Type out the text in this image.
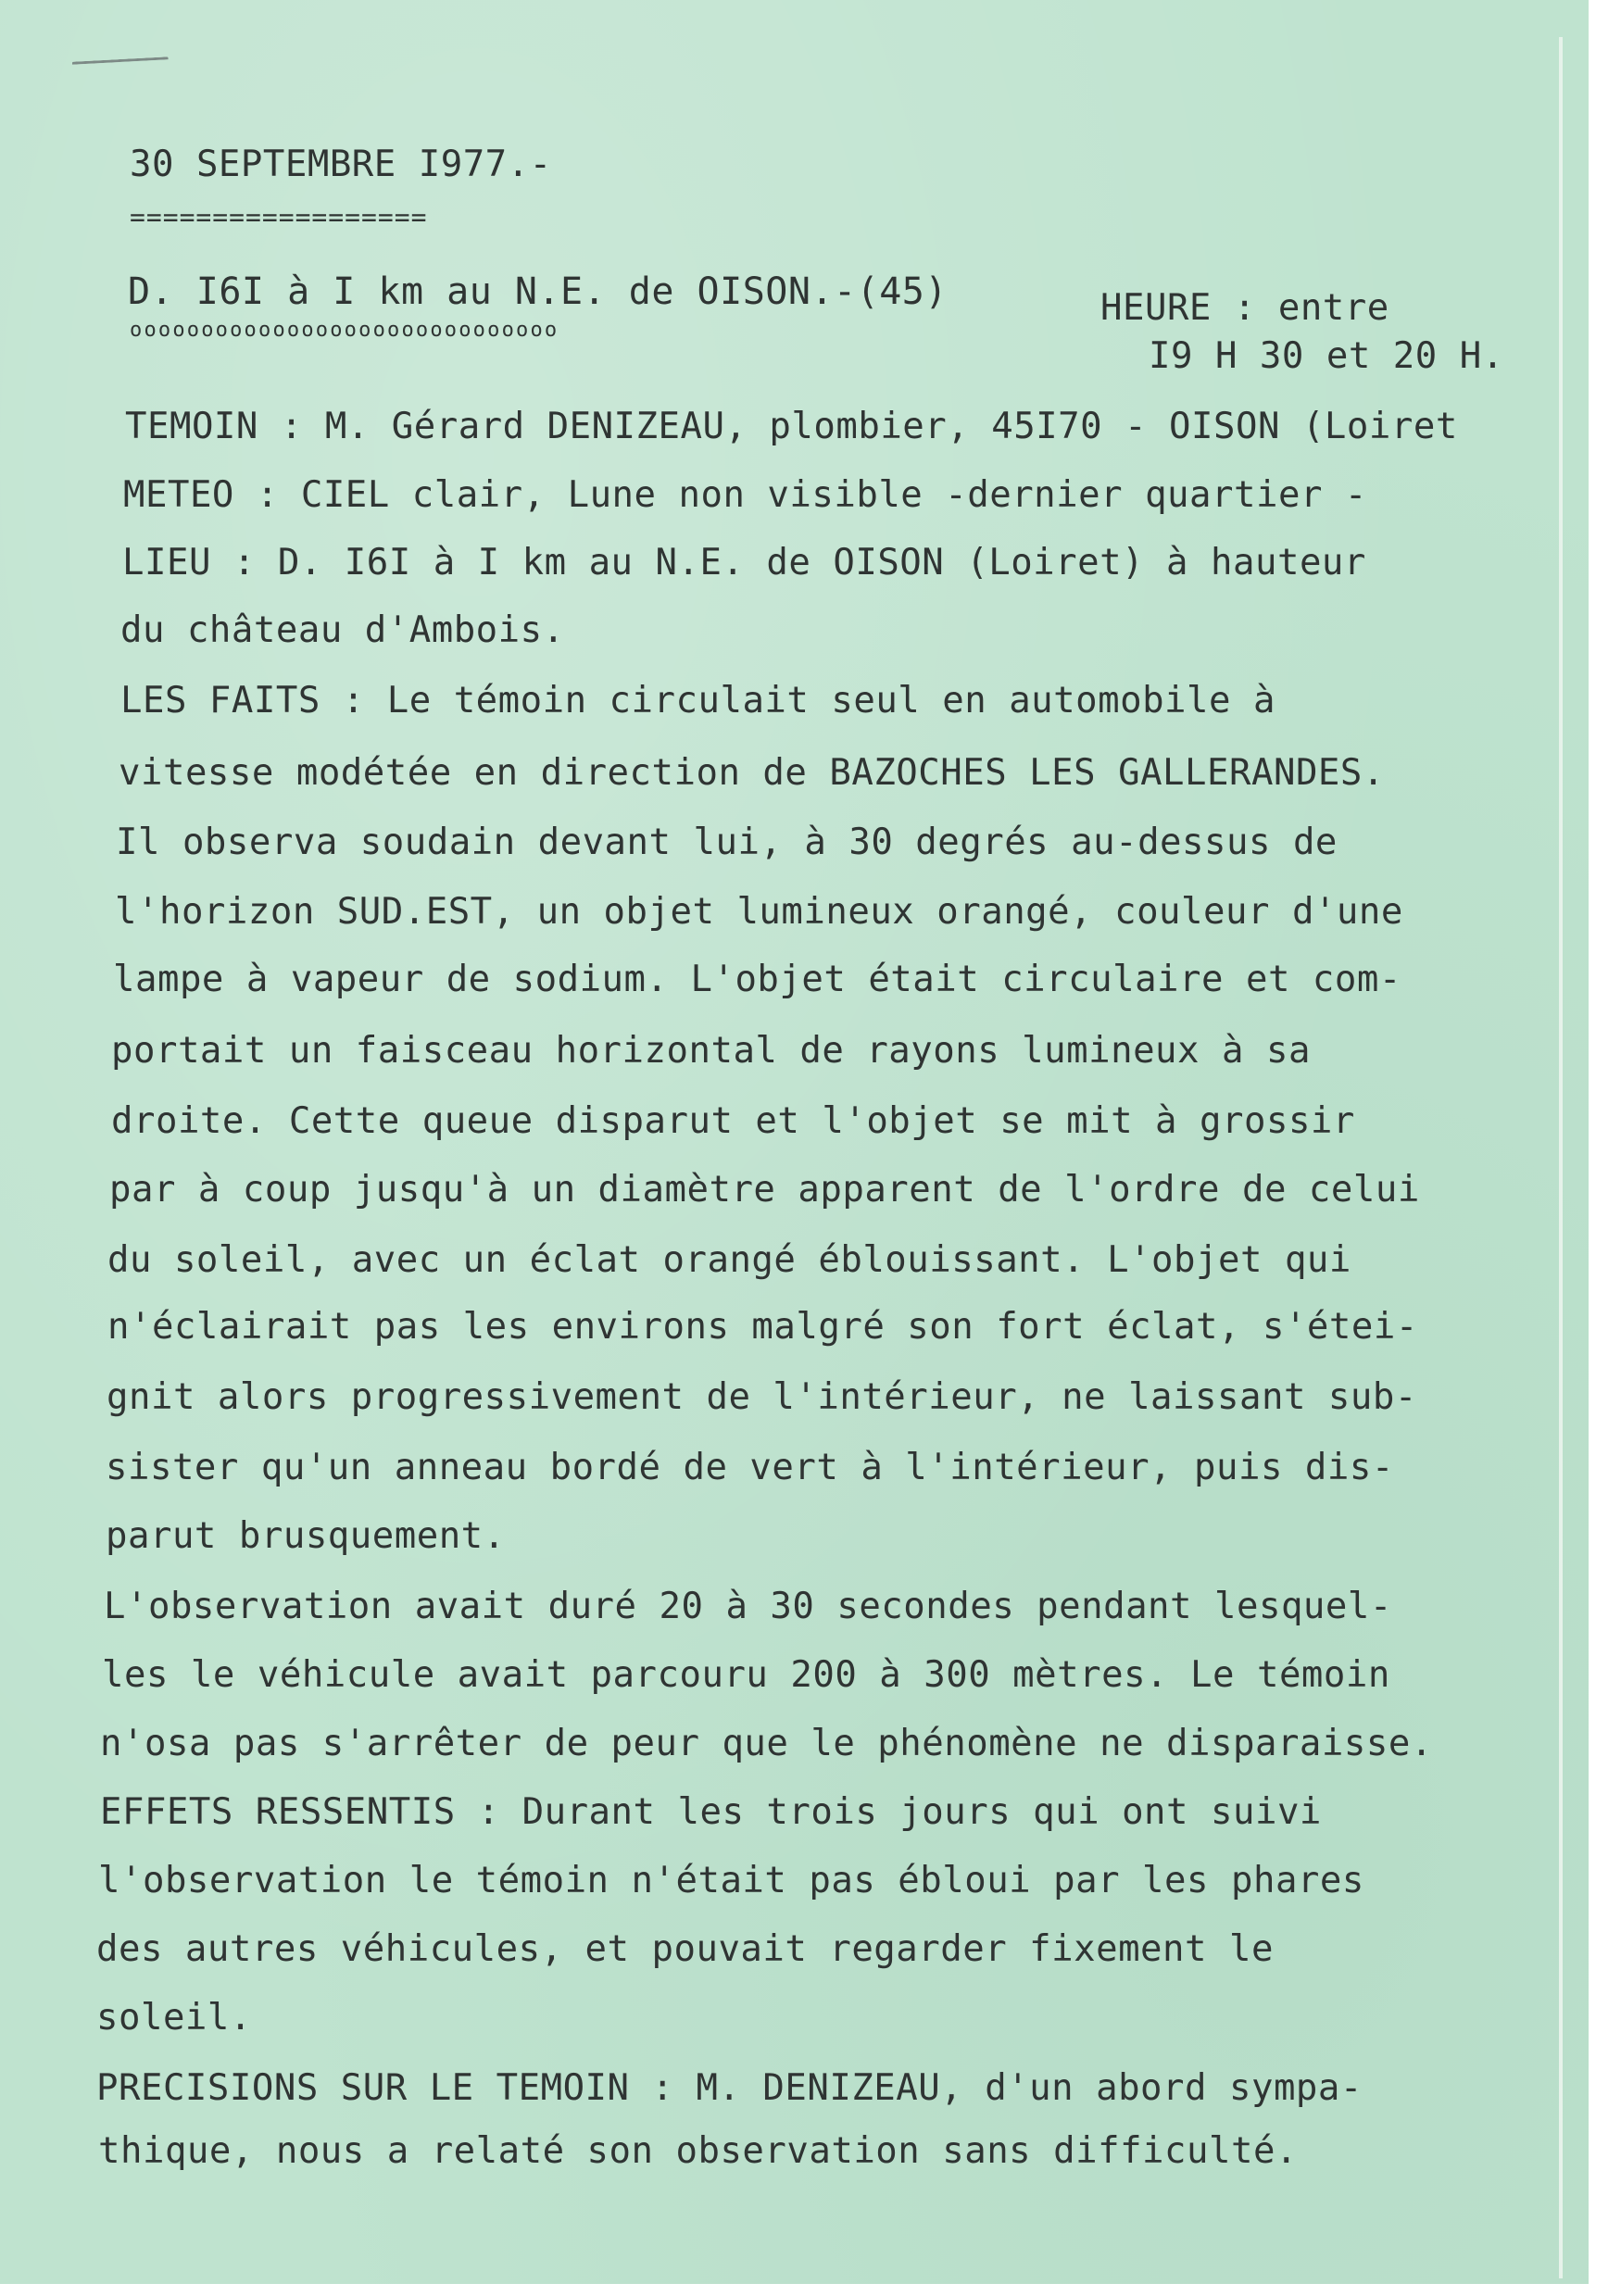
30 SEPTEMBRE I977.-
==================
D. I6I à I km au N.E. de OISON.-(45)
oooooooooooooooooooooooooooooo
HEURE : entre
I9 H 30 et 20 H.
TEMOIN : M. Gérard DENIZEAU, plombier, 45I70 - OISON (Loiret
METEO : CIEL clair, Lune non visible -dernier quartier -
LIEU : D. I6I à I km au N.E. de OISON (Loiret) à hauteur
du château d'Ambois.
LES FAITS : Le témoin circulait seul en automobile à
vitesse modétée en direction de BAZOCHES LES GALLERANDES.
Il observa soudain devant lui, à 30 degrés au-dessus de
l'horizon SUD.EST, un objet lumineux orangé, couleur d'une
lampe à vapeur de sodium. L'objet était circulaire et com-
portait un faisceau horizontal de rayons lumineux à sa
droite. Cette queue disparut et l'objet se mit à grossir
par à coup jusqu'à un diamètre apparent de l'ordre de celui
du soleil, avec un éclat orangé éblouissant. L'objet qui
n'éclairait pas les environs malgré son fort éclat, s'étei-
gnit alors progressivement de l'intérieur, ne laissant sub-
sister qu'un anneau bordé de vert à l'intérieur, puis dis-
parut brusquement.
L'observation avait duré 20 à 30 secondes pendant lesquel-
les le véhicule avait parcouru 200 à 300 mètres. Le témoin
n'osa pas s'arrêter de peur que le phénomène ne disparaisse.
EFFETS RESSENTIS : Durant les trois jours qui ont suivi
l'observation le témoin n'était pas ébloui par les phares
des autres véhicules, et pouvait regarder fixement le
soleil.
PRECISIONS SUR LE TEMOIN : M. DENIZEAU, d'un abord sympa-
thique, nous a relaté son observation sans difficulté.
